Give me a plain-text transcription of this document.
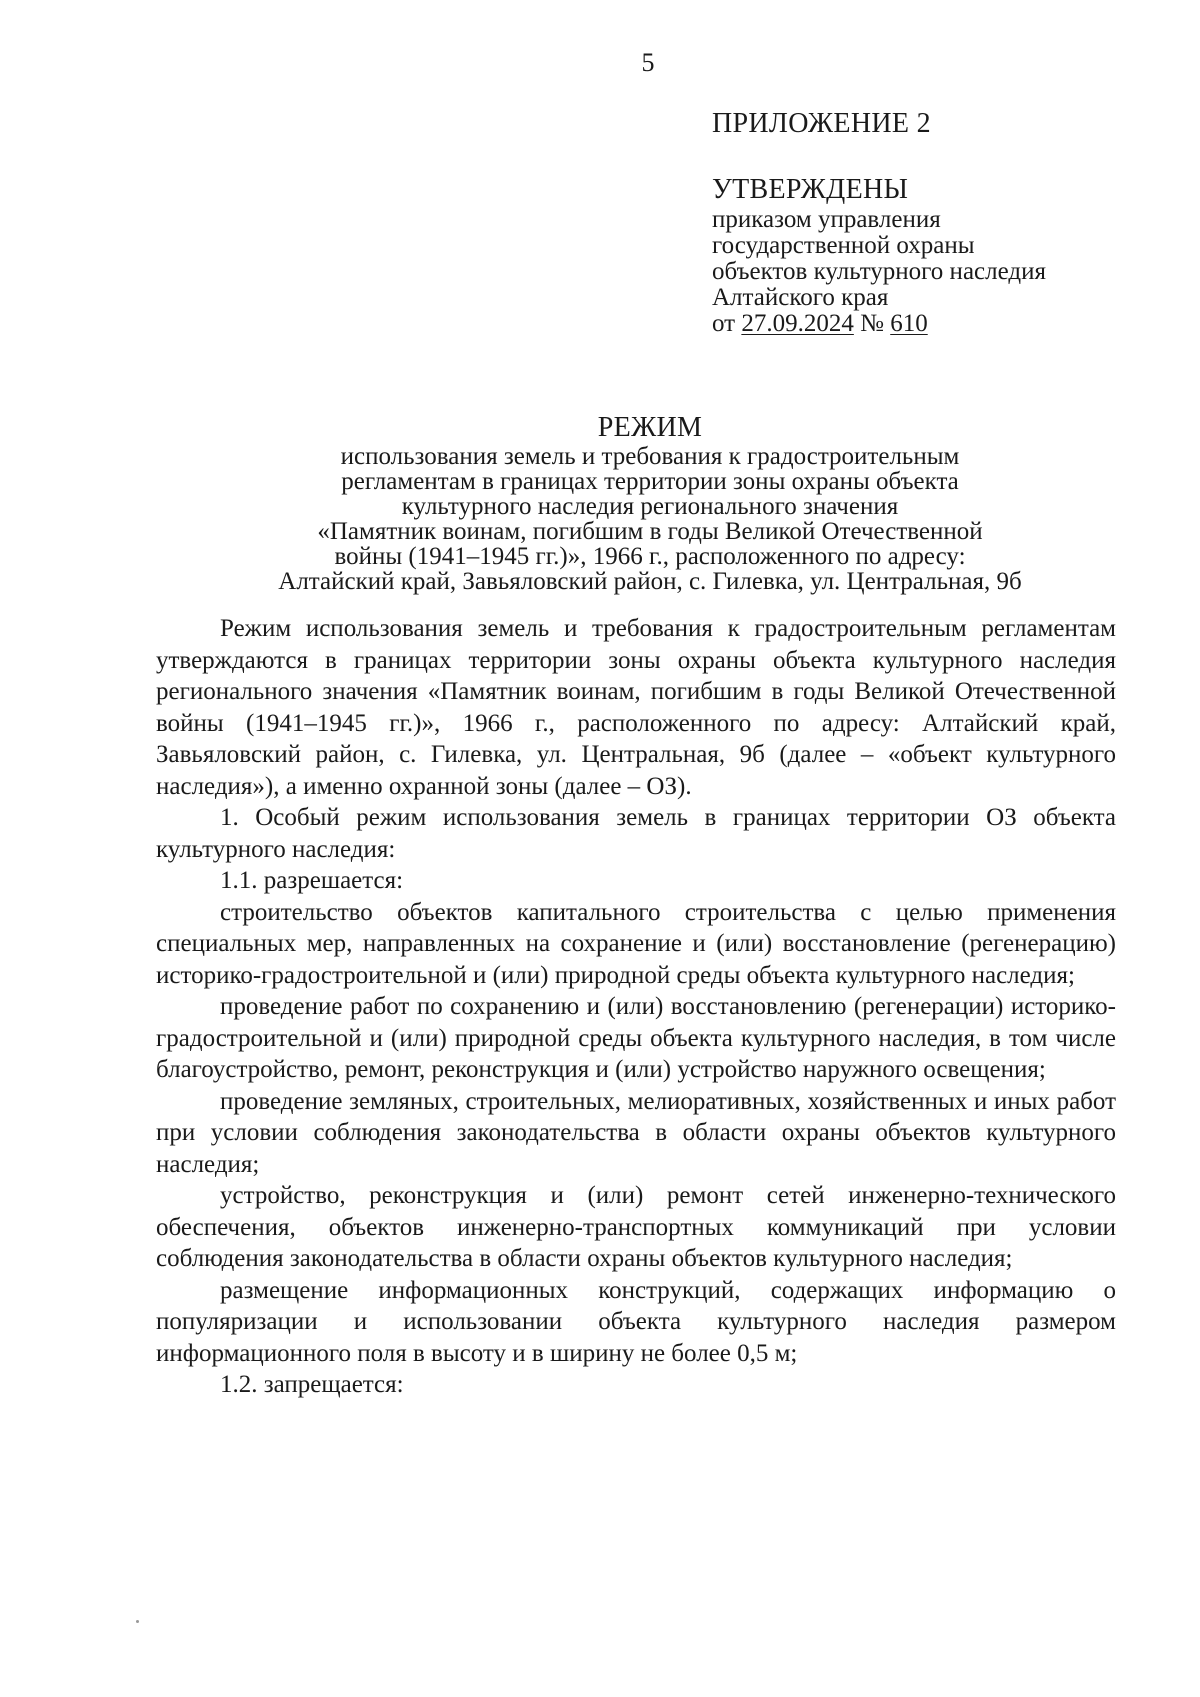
5
ПРИЛОЖЕНИЕ 2
УТВЕРЖДЕНЫ
приказом управления
государственной охраны
объектов культурного наследия
Алтайского края
от 27.09.2024 № 610
РЕЖИМ
использования земель и требования к градостроительным
регламентам в границах территории зоны охраны объекта
культурного наследия регионального значения
«Памятник воинам, погибшим в годы Великой Отечественной
войны (1941–1945 гг.)», 1966 г., расположенного по адресу:
Алтайский край, Завьяловский район, с. Гилевка, ул. Центральная, 9б

Режим использования земель и требования к градостроительным регламентам утверждаются в границах территории зоны охраны объекта культурного наследия регионального значения «Памятник воинам, погибшим в годы Великой Отечественной войны (1941–1945 гг.)», 1966 г., расположенного по адресу: Алтайский край, Завьяловский район, с. Гилевка, ул. Центральная, 9б (далее – «объект культурного наследия»), а именно охранной зоны (далее – ОЗ).

1. Особый режим использования земель в границах территории ОЗ объекта культурного наследия:

1.1. разрешается:

строительство объектов капитального строительства с целью применения специальных мер, направленных на сохранение и (или) восстановление (регенерацию) историко-градостроительной и (или) природной среды объекта культурного наследия;

проведение работ по сохранению и (или) восстановлению (регенерации) историко-градостроительной и (или) природной среды объекта культурного наследия, в том числе благоустройство, ремонт, реконструкция и (или) устройство наружного освещения;

проведение земляных, строительных, мелиоративных, хозяйственных и иных работ при условии соблюдения законодательства в области охраны объектов культурного наследия;

устройство, реконструкция и (или) ремонт сетей инженерно-технического обеспечения, объектов инженерно-транспортных коммуникаций при условии соблюдения законодательства в области охраны объектов культурного наследия;

размещение информационных конструкций, содержащих информацию о популяризации и использовании объекта культурного наследия размером информационного поля в высоту и в ширину не более 0,5 м;

1.2. запрещается:
